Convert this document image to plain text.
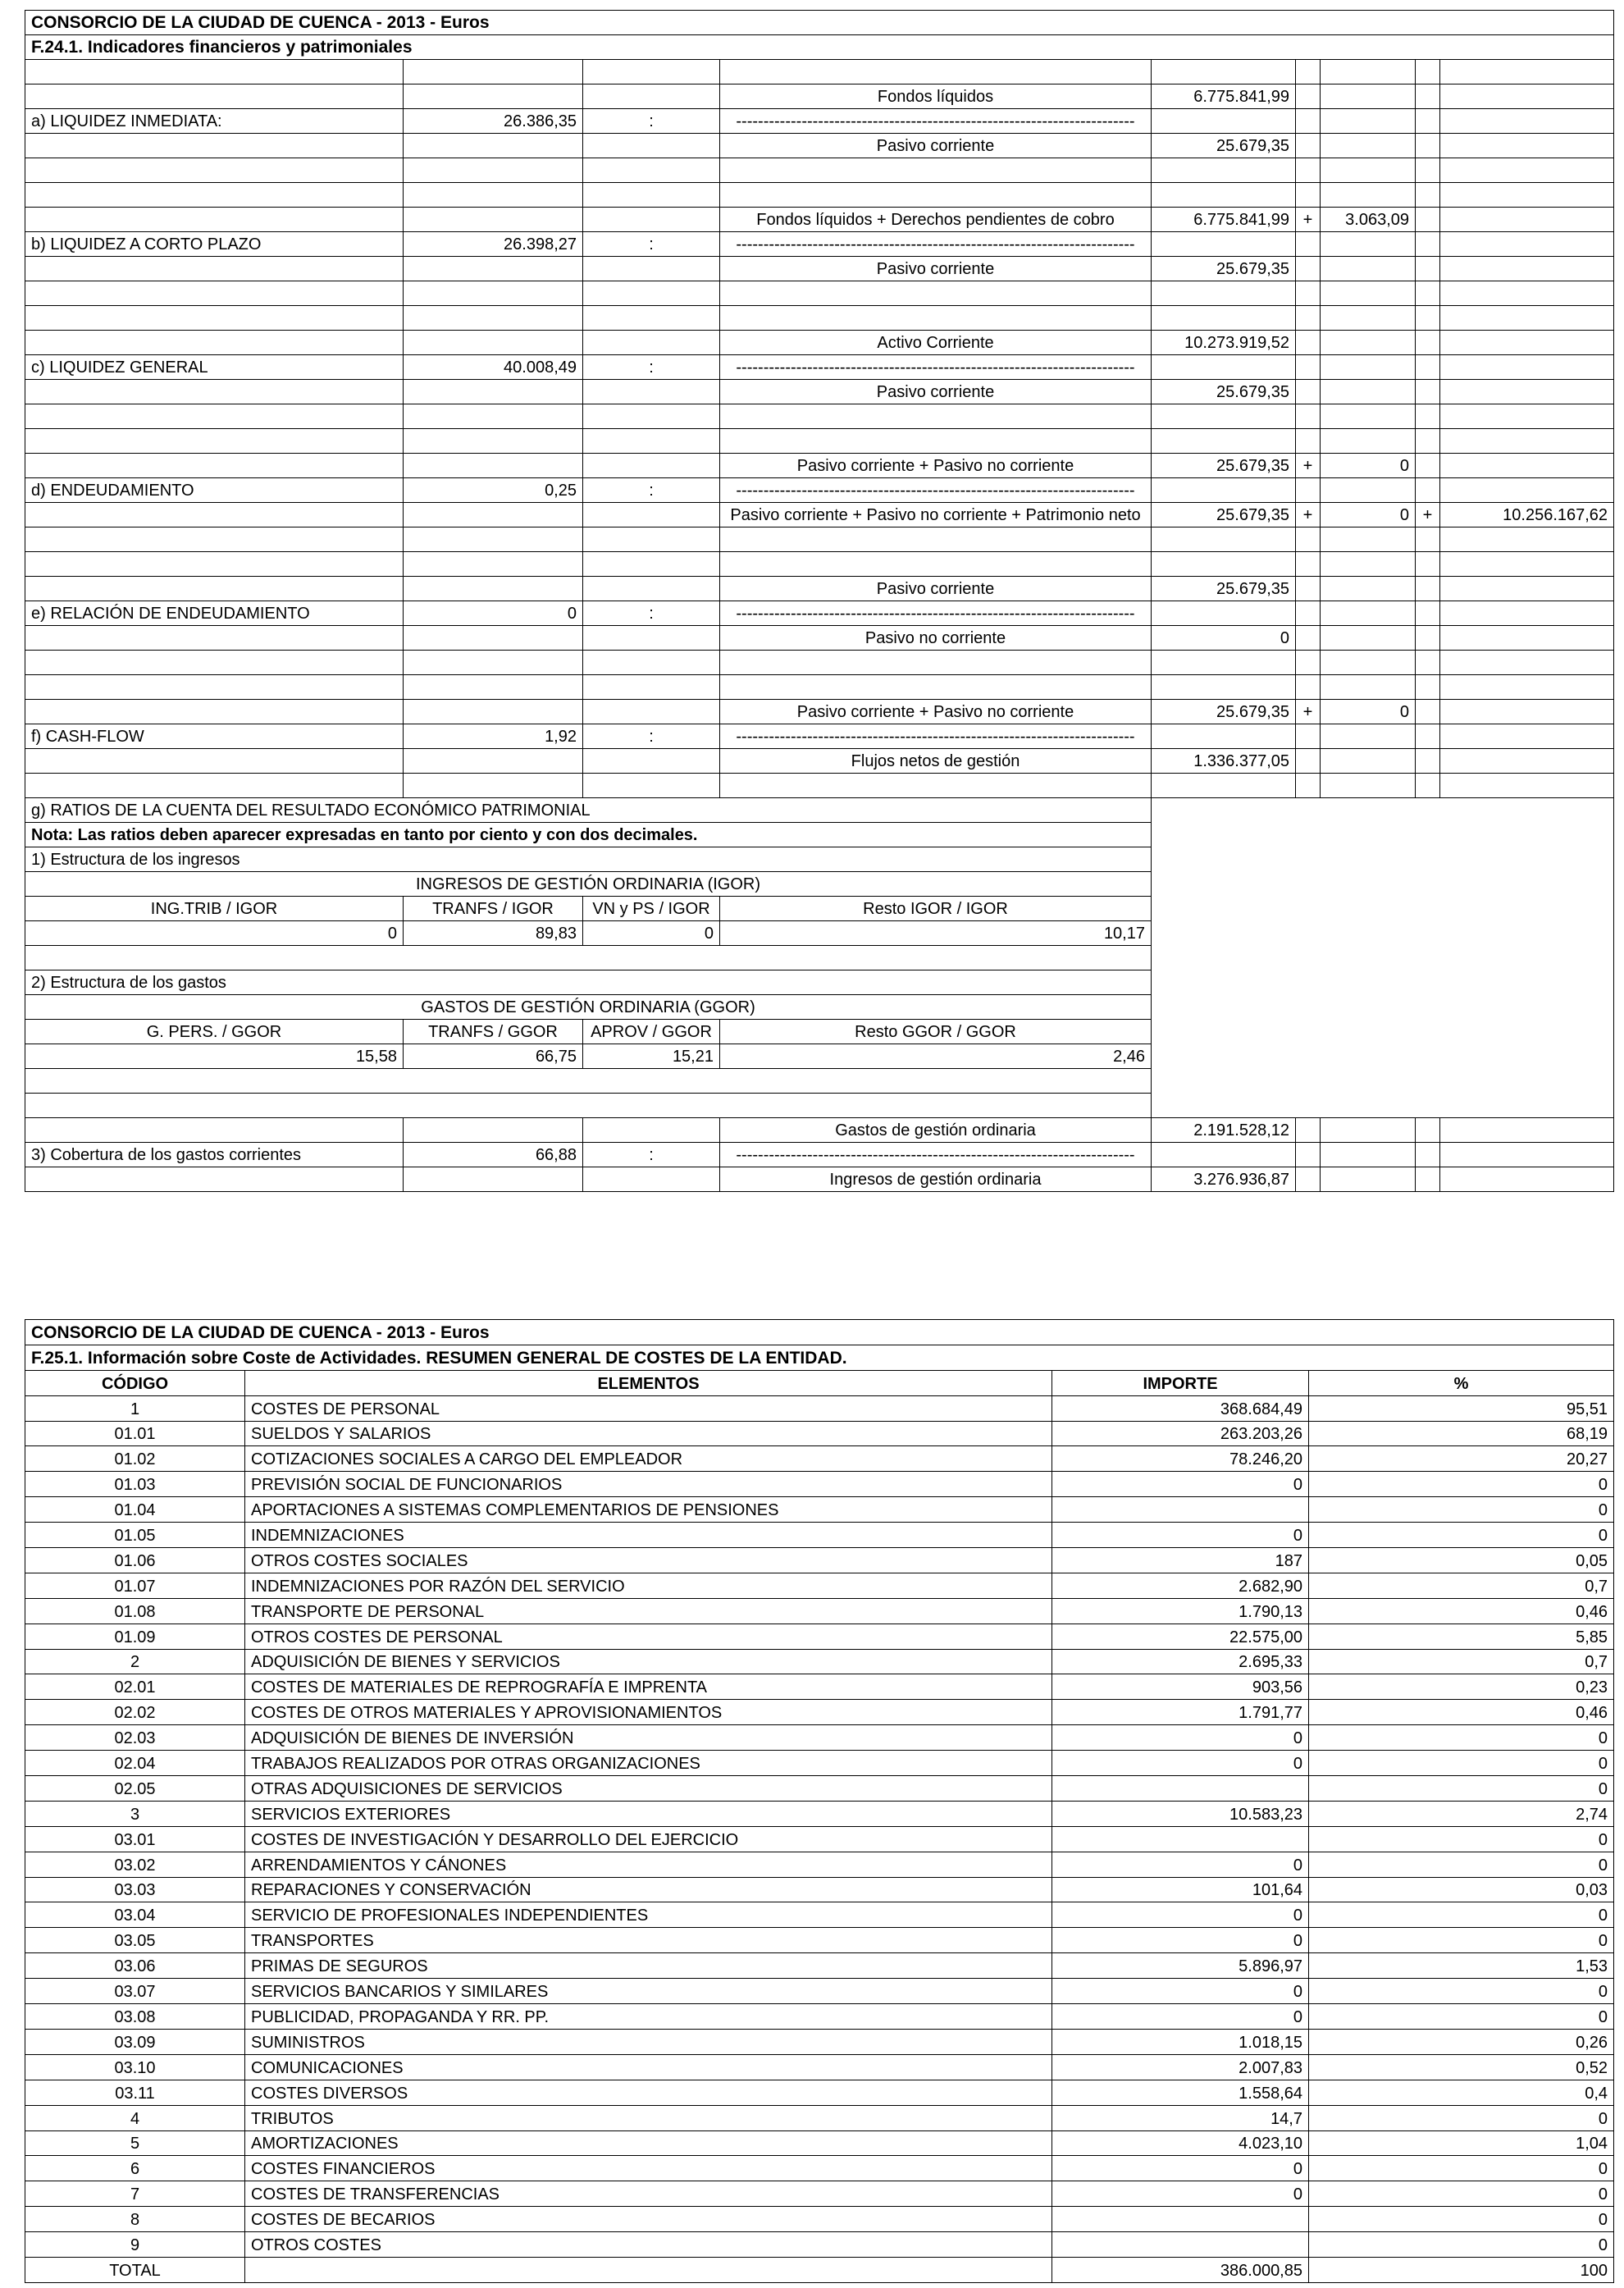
CONSORCIO DE LA CIUDAD DE CUENCA - 2013 - Euros								
F.24.1. Indicadores financieros y patrimoniales								

			Fondos líquidos	6.775.841,99				
a) LIQUIDEZ INMEDIATA:	26.386,35	:	-------------------------------------------------------------------------					
			Pasivo corriente	25.679,35				

			Fondos líquidos + Derechos pendientes de cobro	6.775.841,99	+	3.063,09		
b) LIQUIDEZ A CORTO PLAZO	26.398,27	:	-------------------------------------------------------------------------					
			Pasivo corriente	25.679,35				

			Activo Corriente	10.273.919,52				
c) LIQUIDEZ GENERAL	40.008,49	:	-------------------------------------------------------------------------					
			Pasivo corriente	25.679,35				

			Pasivo corriente + Pasivo no corriente	25.679,35	+	0		
d) ENDEUDAMIENTO	0,25	:	-------------------------------------------------------------------------					
			Pasivo corriente + Pasivo no corriente + Patrimonio neto	25.679,35	+	0	+	10.256.167,62

			Pasivo corriente	25.679,35				
e) RELACIÓN DE ENDEUDAMIENTO	0	:	-------------------------------------------------------------------------					
			Pasivo no corriente	0				

			Pasivo corriente + Pasivo no corriente	25.679,35	+	0		
f) CASH-FLOW	1,92	:	-------------------------------------------------------------------------					
			Flujos netos de gestión	1.336.377,05				

g) RATIOS DE LA CUENTA DEL RESULTADO ECONÓMICO PATRIMONIAL								
Nota: Las ratios deben aparecer expresadas en tanto por ciento y con dos decimales.								
1) Estructura de los ingresos								
INGRESOS DE GESTIÓN ORDINARIA (IGOR)								
ING.TRIB / IGOR	TRANFS / IGOR	VN y PS / IGOR	Resto IGOR / IGOR					
0	89,83	0	10,17					

2) Estructura de los gastos								
GASTOS DE GESTIÓN ORDINARIA (GGOR)								
G. PERS. / GGOR	TRANFS / GGOR	APROV / GGOR	Resto GGOR / GGOR					
15,58	66,75	15,21	2,46					

			Gastos de gestión ordinaria	2.191.528,12				
3) Cobertura de los gastos corrientes	66,88	:	-------------------------------------------------------------------------					
			Ingresos de gestión ordinaria	3.276.936,87				
CONSORCIO DE LA CIUDAD DE CUENCA - 2013 - Euros			
F.25.1. Información sobre Coste de Actividades. RESUMEN GENERAL DE COSTES DE LA ENTIDAD.			
CÓDIGO	ELEMENTOS	IMPORTE	%
1	COSTES DE PERSONAL	368.684,49	95,51
01.01	SUELDOS Y SALARIOS	263.203,26	68,19
01.02	COTIZACIONES SOCIALES A CARGO DEL EMPLEADOR	78.246,20	20,27
01.03	PREVISIÓN SOCIAL DE FUNCIONARIOS	0	0
01.04	APORTACIONES A SISTEMAS COMPLEMENTARIOS DE PENSIONES		0
01.05	INDEMNIZACIONES	0	0
01.06	OTROS COSTES SOCIALES	187	0,05
01.07	INDEMNIZACIONES POR RAZÓN DEL SERVICIO	2.682,90	0,7
01.08	TRANSPORTE DE PERSONAL	1.790,13	0,46
01.09	OTROS COSTES DE PERSONAL	22.575,00	5,85
2	ADQUISICIÓN DE BIENES Y SERVICIOS	2.695,33	0,7
02.01	COSTES DE MATERIALES DE REPROGRAFÍA E IMPRENTA	903,56	0,23
02.02	COSTES DE OTROS MATERIALES Y APROVISIONAMIENTOS	1.791,77	0,46
02.03	ADQUISICIÓN DE BIENES DE INVERSIÓN	0	0
02.04	TRABAJOS REALIZADOS POR OTRAS ORGANIZACIONES	0	0
02.05	OTRAS ADQUISICIONES DE SERVICIOS		0
3	SERVICIOS EXTERIORES	10.583,23	2,74
03.01	COSTES DE INVESTIGACIÓN Y DESARROLLO DEL EJERCICIO		0
03.02	ARRENDAMIENTOS Y CÁNONES	0	0
03.03	REPARACIONES Y CONSERVACIÓN	101,64	0,03
03.04	SERVICIO DE PROFESIONALES INDEPENDIENTES	0	0
03.05	TRANSPORTES	0	0
03.06	PRIMAS DE SEGUROS	5.896,97	1,53
03.07	SERVICIOS BANCARIOS Y SIMILARES	0	0
03.08	PUBLICIDAD, PROPAGANDA Y RR. PP.	0	0
03.09	SUMINISTROS	1.018,15	0,26
03.10	COMUNICACIONES	2.007,83	0,52
03.11	COSTES DIVERSOS	1.558,64	0,4
4	TRIBUTOS	14,7	0
5	AMORTIZACIONES	4.023,10	1,04
6	COSTES FINANCIEROS	0	0
7	COSTES DE TRANSFERENCIAS	0	0
8	COSTES DE BECARIOS		0
9	OTROS COSTES		0
TOTAL		386.000,85	100
